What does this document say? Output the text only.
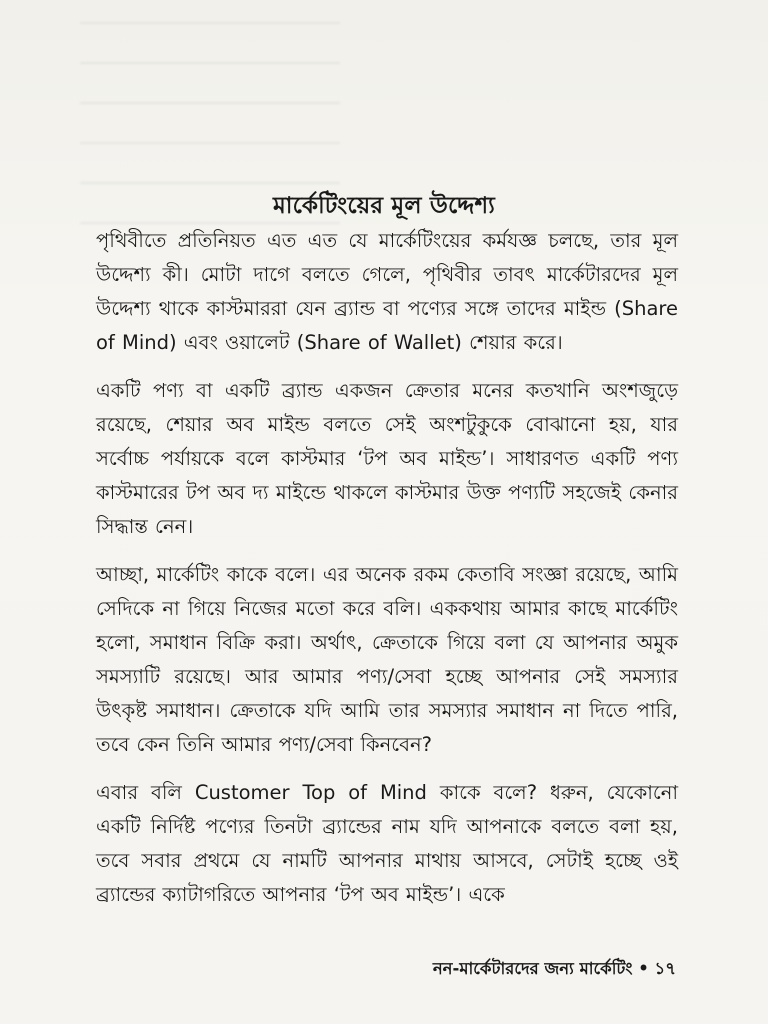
মার্কেটিংয়ের মূল উদ্দেশ্য

পৃথিবীতে প্রতিনিয়ত এত এত যে মার্কেটিংয়ের কর্মযজ্ঞ চলছে, তার মূল উদ্দেশ্য কী। মোটা দাগে বলতে গেলে, পৃথিবীর তাবৎ মার্কেটারদের মূল উদ্দেশ্য থাকে কাস্টমাররা যেন ব্র্যান্ড বা পণ্যের সঙ্গে তাদের মাইন্ড (Share of Mind) এবং ওয়ালেট (Share of Wallet) শেয়ার করে।

একটি পণ্য বা একটি ব্র্যান্ড একজন ক্রেতার মনের কতখানি অংশজুড়ে রয়েছে, শেয়ার অব মাইন্ড বলতে সেই অংশটুকুকে বোঝানো হয়, যার সর্বোচ্চ পর্যায়কে বলে কাস্টমার ‘টপ অব মাইন্ড’। সাধারণত একটি পণ্য কাস্টমারের টপ অব দ্য মাইন্ডে থাকলে কাস্টমার উক্ত পণ্যটি সহজেই কেনার সিদ্ধান্ত নেন।

আচ্ছা, মার্কেটিং কাকে বলে। এর অনেক রকম কেতাবি সংজ্ঞা রয়েছে, আমি সেদিকে না গিয়ে নিজের মতো করে বলি। এককথায় আমার কাছে মার্কেটিং হলো, সমাধান বিক্রি করা। অর্থাৎ, ক্রেতাকে গিয়ে বলা যে আপনার অমুক সমস্যাটি রয়েছে। আর আমার পণ্য/সেবা হচ্ছে আপনার সেই সমস্যার উৎকৃষ্ট সমাধান। ক্রেতাকে যদি আমি তার সমস্যার সমাধান না দিতে পারি, তবে কেন তিনি আমার পণ্য/সেবা কিনবেন?

এবার বলি Customer Top of Mind কাকে বলে? ধরুন, যেকোনো একটি নির্দিষ্ট পণ্যের তিনটা ব্র্যান্ডের নাম যদি আপনাকে বলতে বলা হয়, তবে সবার প্রথমে যে নামটি আপনার মাথায় আসবে, সেটাই হচ্ছে ওই ব্র্যান্ডের ক্যাটাগরিতে আপনার ‘টপ অব মাইন্ড’। একে

নন-মার্কেটারদের জন্য মার্কেটিং • ১৭
